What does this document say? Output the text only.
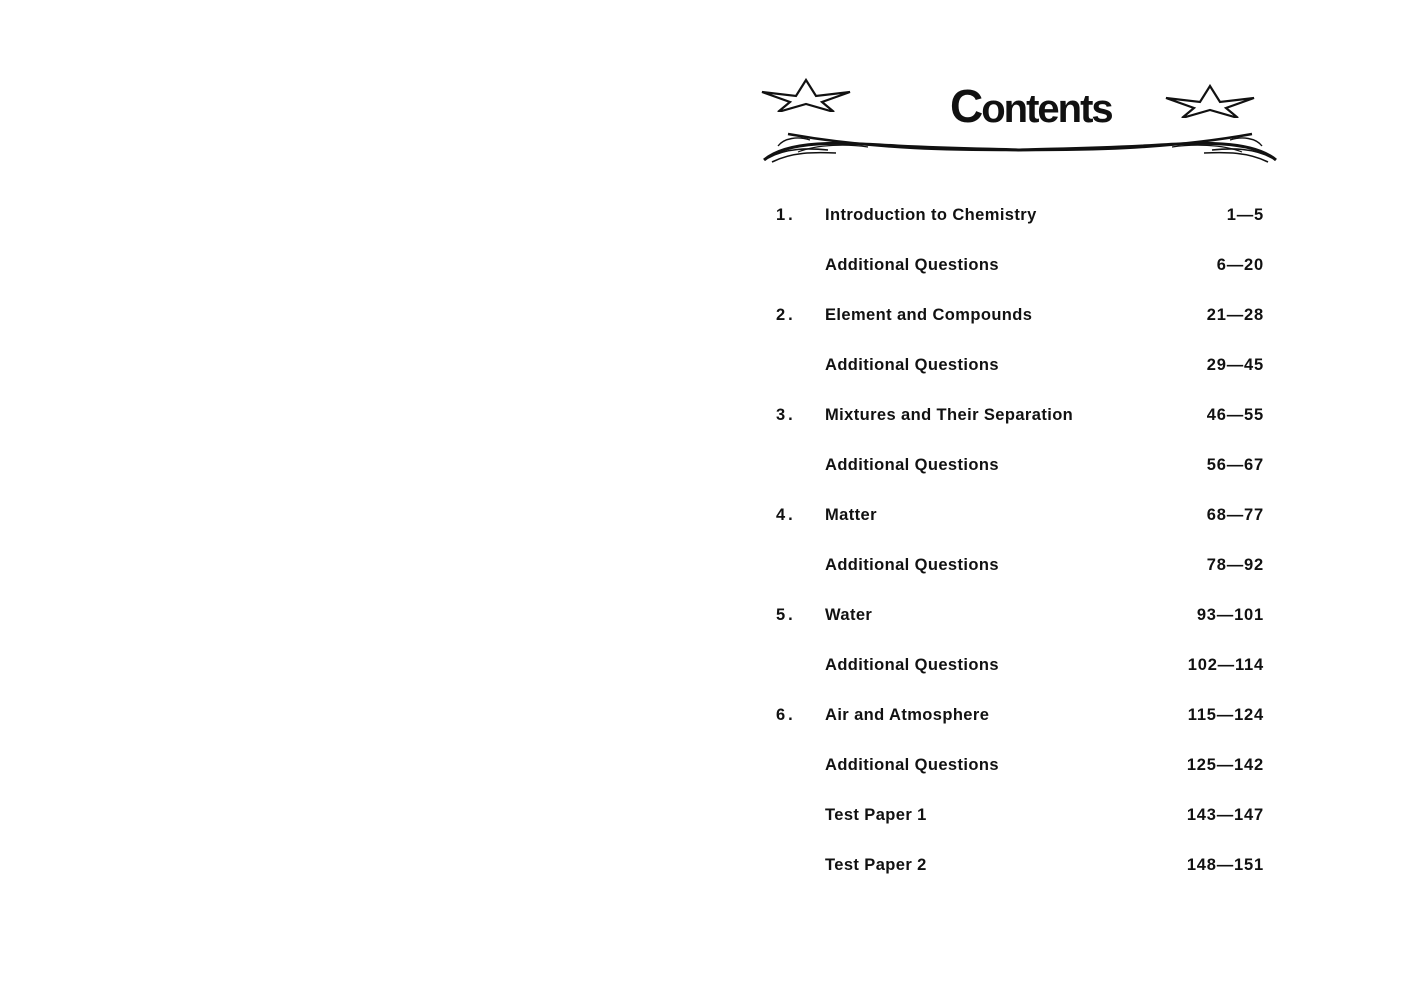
Contents
1. Introduction to Chemistry	1—5
Additional Questions	6—20
2. Element and Compounds	21—28
Additional Questions	29—45
3. Mixtures and Their Separation	46—55
Additional Questions	56—67
4. Matter	68—77
Additional Questions	78—92
5. Water	93—101
Additional Questions	102—114
6. Air and Atmosphere	115—124
Additional Questions	125—142
Test Paper 1	143—147
Test Paper 2	148—151
